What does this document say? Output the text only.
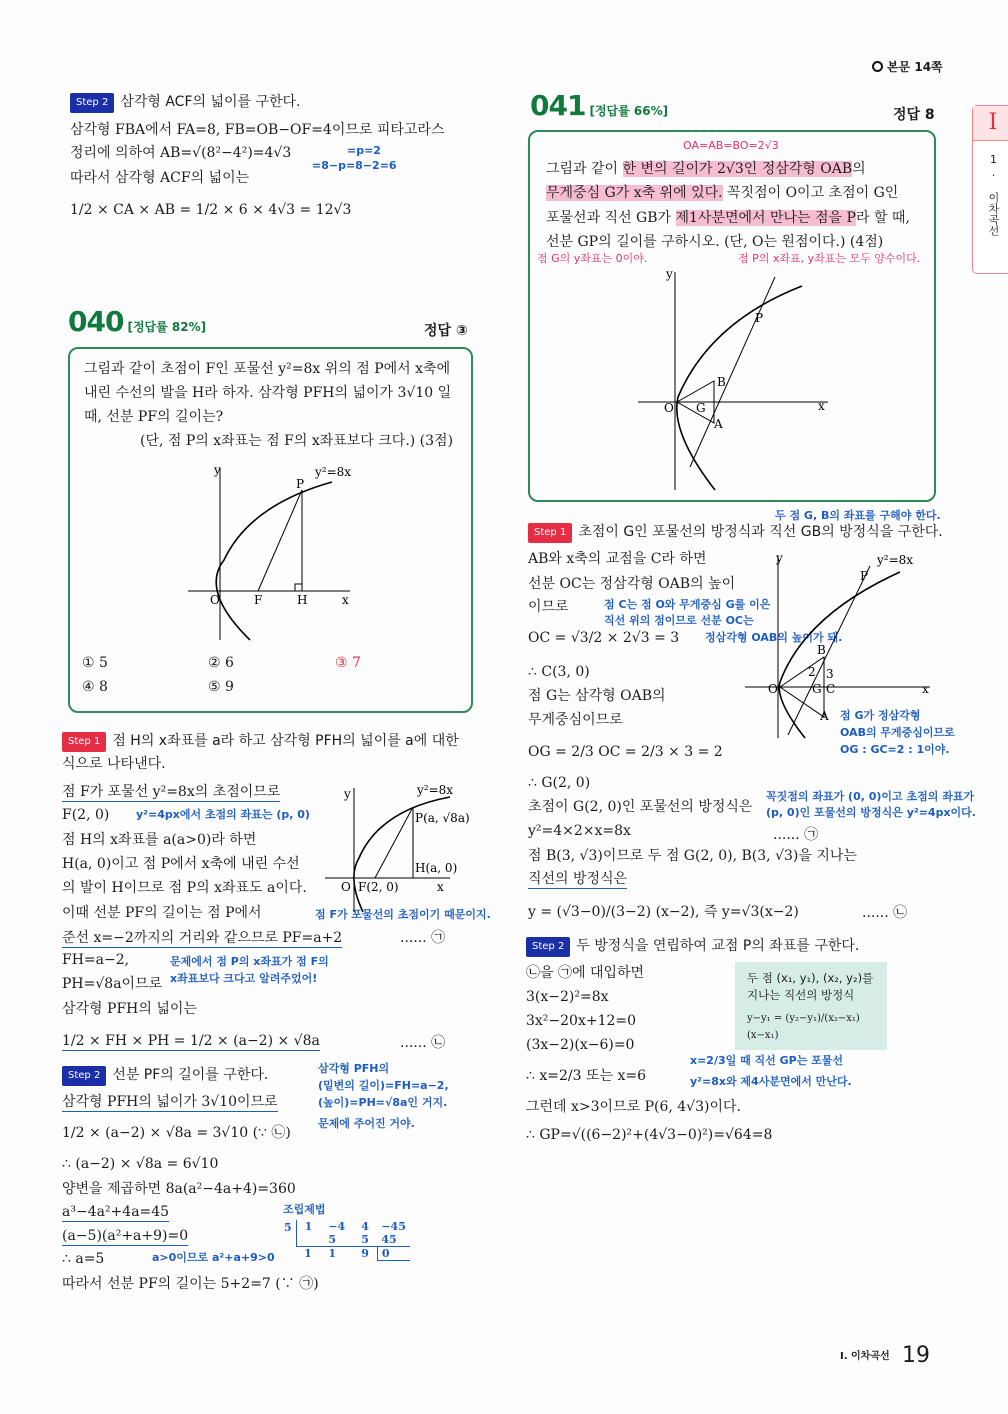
본문 14쪽
I
1. 이차곡선
Step 2 삼각형 ACF의 넓이를 구한다.
삼각형 FBA에서 FA=8, FB=OB−OF=4이므로 피타고라스
정리에 의하여 AB=√(8²−4²)=4√3	=p=2
=8−p=8−2=6
따라서 삼각형 ACF의 넓이는
1/2 × CA × AB = 1/2 × 6 × 4√3 = 12√3
040 [정답률 82%]	정답 ③
그림과 같이 초점이 F인 포물선 y²=8x 위의 점 P에서 x축에
내린 수선의 발을 H라 하자. 삼각형 PFH의 넓이가 3√10 일
때, 선분 PF의 길이는?
(단, 점 P의 x좌표는 점 F의 x좌표보다 크다.) (3점)
y²=8x
P
O	F	H	x
y
① 5	② 6	③ 7
④ 8	⑤ 9
Step 1 점 H의 x좌표를 a라 하고 삼각형 PFH의 넓이를 a에 대한
식으로 나타낸다.
점 F가 포물선 y²=8x의 초점이므로
F(2, 0) y²=4px에서 초점의 좌표는 (p, 0)
점 H의 x좌표를 a(a>0)라 하면
H(a, 0)이고 점 P에서 x축에 내린 수선
의 발이 H이므로 점 P의 x좌표도 a이다.
이때 선분 PF의 길이는 점 P에서	점 F가 포물선의 초점이기 때문이지.
준선 x=−2까지의 거리와 같으므로 PF=a+2	...... ㉠
FH=a−2,	문제에서 점 P의 x좌표가 점 F의
x좌표보다 크다고 알려주었어!
PH=√8a이므로
삼각형 PFH의 넓이는
1/2 × FH × PH = 1/2 × (a−2) × √8a	...... ㉡
y²=8x
P(a, √8a)
H(a, 0)
O F(2, 0)	x
y
Step 2 선분 PF의 길이를 구한다.	삼각형 PFH의
(밑변의 길이)=FH=a−2,
(높이)=PH=√8a인 거지.
삼각형 PFH의 넓이가 3√10이므로
문제에 주어진 거야.
1/2 × (a−2) × √8a = 3√10 (∵ ㉡)
∴ (a−2) × √8a = 6√10
양변을 제곱하면 8a(a²−4a+4)=360
a³−4a²+4a=45	조립제법
5	1	−4	4	−45
		5	5	45
	1	1	9	0
(a−5)(a²+a+9)=0
∴ a=5	a>0이므로 a²+a+9>0
따라서 선분 PF의 길이는 5+2=7 (∵ ㉠)
041 [정답률 66%]	정답 8
OA=AB=BO=2√3
그림과 같이 한 변의 길이가 2√3인 정삼각형 OAB의
무게중심 G가 x축 위에 있다. 꼭짓점이 O이고 초점이 G인
포물선과 직선 GB가 제1사분면에서 만나는 점을 P라 할 때,
선분 GP의 길이를 구하시오. (단, O는 원점이다.) (4점)
점 G의 y좌표는 0이야.	점 P의 x좌표, y좌표는 모두 양수이다.
P
B
O G
A
x
y
두 점 G, B의 좌표를 구해야 한다.
Step 1 초점이 G인 포물선의 방정식과 직선 GB의 방정식을 구한다.
AB와 x축의 교점을 C라 하면
선분 OC는 정삼각형 OAB의 높이
이므로	점 C는 점 O와 무게중심 G를 이은
직선 위의 점이므로 선분 OC는
OC = √3/2 × 2√3 = 3 정삼각형 OAB의 높이가 돼.
∴ C(3, 0)
점 G는 삼각형 OAB의
무게중심이므로
OG = 2/3 OC = 2/3 × 3 = 2
y²=8x
P
B
2 3
O	G C
A
x
y
점 G가 정삼각형
OAB의 무게중심이므로
OG : GC=2 : 1이야.
∴ G(2, 0)
초점이 G(2, 0)인 포물선의 방정식은
꼭짓점의 좌표가 (0, 0)이고 초점의 좌표가
(p, 0)인 포물선의 방정식은 y²=4px이다.
y²=4×2×x=8x	...... ㉠
점 B(3, √3)이므로 두 점 G(2, 0), B(3, √3)을 지나는
직선의 방정식은
y = (√3−0)/(3−2) (x−2), 즉 y=√3(x−2)	...... ㉡
Step 2 두 방정식을 연립하여 교점 P의 좌표를 구한다.
두 점 (x₁, y₁), (x₂, y₂)를
지나는 직선의 방정식
y−y₁ = (y₂−y₁)/(x₂−x₁) (x−x₁)
㉡을 ㉠에 대입하면
3(x−2)²=8x
3x²−20x+12=0
(3x−2)(x−6)=0
x=2/3일 때 직선 GP는 포물선
∴ x=2/3 또는 x=6	y²=8x와 제4사분면에서 만난다.
그런데 x>3이므로 P(6, 4√3)이다.
∴ GP=√((6−2)²+(4√3−0)²)=√64=8
I. 이차곡선 19
